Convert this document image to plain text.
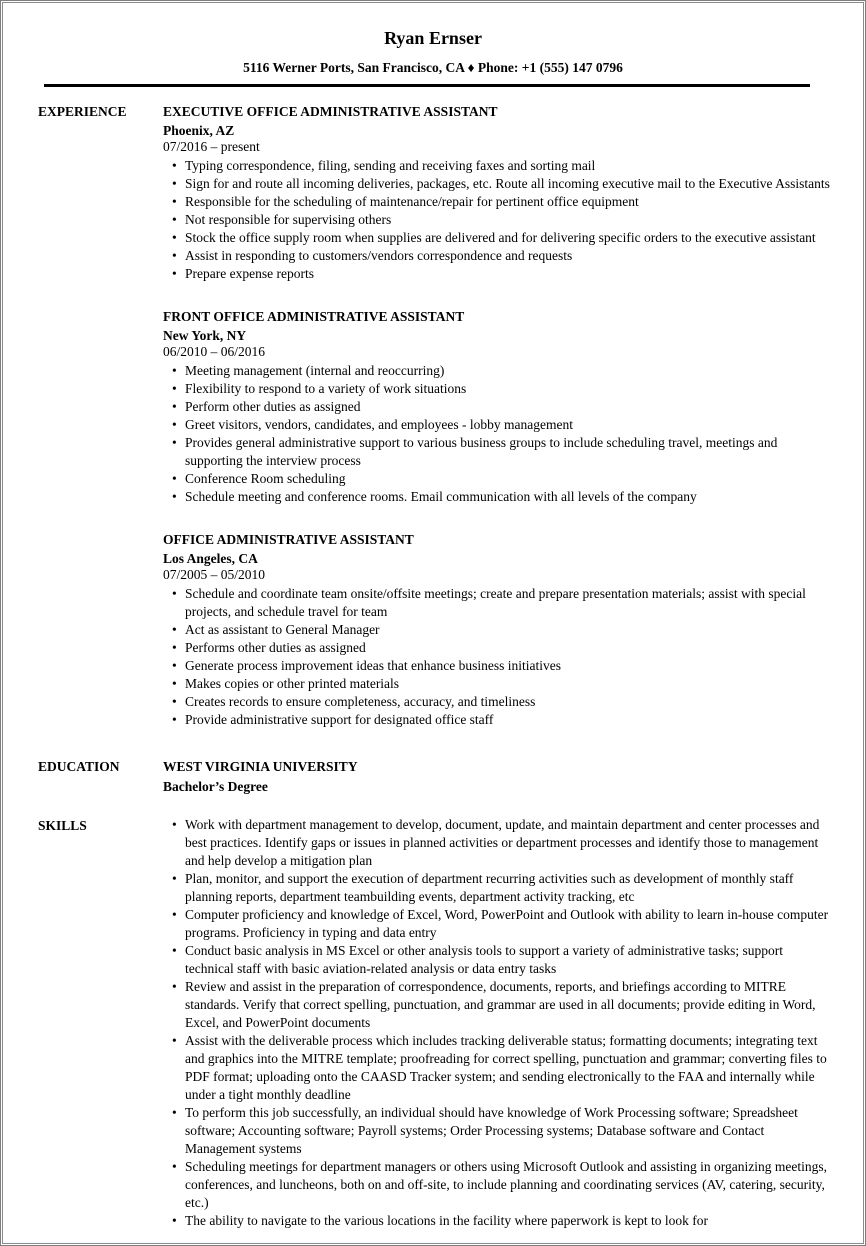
Ryan Ernser
5116 Werner Ports, San Francisco, CA ♦ Phone: +1 (555) 147 0796
EXPERIENCE	EXECUTIVE OFFICE ADMINISTRATIVE ASSISTANT
Phoenix, AZ
07/2016 – present
• Typing correspondence, filing, sending and receiving faxes and sorting mail
• Sign for and route all incoming deliveries, packages, etc. Route all incoming executive mail to the Executive Assistants
• Responsible for the scheduling of maintenance/repair for pertinent office equipment
• Not responsible for supervising others
• Stock the office supply room when supplies are delivered and for delivering specific orders to the executive assistant
• Assist in responding to customers/vendors correspondence and requests
• Prepare expense reports
FRONT OFFICE ADMINISTRATIVE ASSISTANT
New York, NY
06/2010 – 06/2016
• Meeting management (internal and reoccurring)
• Flexibility to respond to a variety of work situations
• Perform other duties as assigned
• Greet visitors, vendors, candidates, and employees - lobby management
• Provides general administrative support to various business groups to include scheduling travel, meetings and supporting the interview process
• Conference Room scheduling
• Schedule meeting and conference rooms. Email communication with all levels of the company
OFFICE ADMINISTRATIVE ASSISTANT
Los Angeles, CA
07/2005 – 05/2010
• Schedule and coordinate team onsite/offsite meetings; create and prepare presentation materials; assist with special projects, and schedule travel for team
• Act as assistant to General Manager
• Performs other duties as assigned
• Generate process improvement ideas that enhance business initiatives
• Makes copies or other printed materials
• Creates records to ensure completeness, accuracy, and timeliness
• Provide administrative support for designated office staff
EDUCATION	WEST VIRGINIA UNIVERSITY
Bachelor’s Degree
SKILLS	• Work with department management to develop, document, update, and maintain department and center processes and best practices. Identify gaps or issues in planned activities or department processes and identify those to management and help develop a mitigation plan
• Plan, monitor, and support the execution of department recurring activities such as development of monthly staff planning reports, department teambuilding events, department activity tracking, etc
• Computer proficiency and knowledge of Excel, Word, PowerPoint and Outlook with ability to learn in-house computer programs. Proficiency in typing and data entry
• Conduct basic analysis in MS Excel or other analysis tools to support a variety of administrative tasks; support technical staff with basic aviation-related analysis or data entry tasks
• Review and assist in the preparation of correspondence, documents, reports, and briefings according to MITRE standards. Verify that correct spelling, punctuation, and grammar are used in all documents; provide editing in Word, Excel, and PowerPoint documents
• Assist with the deliverable process which includes tracking deliverable status; formatting documents; integrating text and graphics into the MITRE template; proofreading for correct spelling, punctuation and grammar; converting files to PDF format; uploading onto the CAASD Tracker system; and sending electronically to the FAA and internally while under a tight monthly deadline
• To perform this job successfully, an individual should have knowledge of Work Processing software; Spreadsheet software; Accounting software; Payroll systems; Order Processing systems; Database software and Contact Management systems
• Scheduling meetings for department managers or others using Microsoft Outlook and assisting in organizing meetings, conferences, and luncheons, both on and off-site, to include planning and coordinating services (AV, catering, security, etc.)
• The ability to navigate to the various locations in the facility where paperwork is kept to look for
